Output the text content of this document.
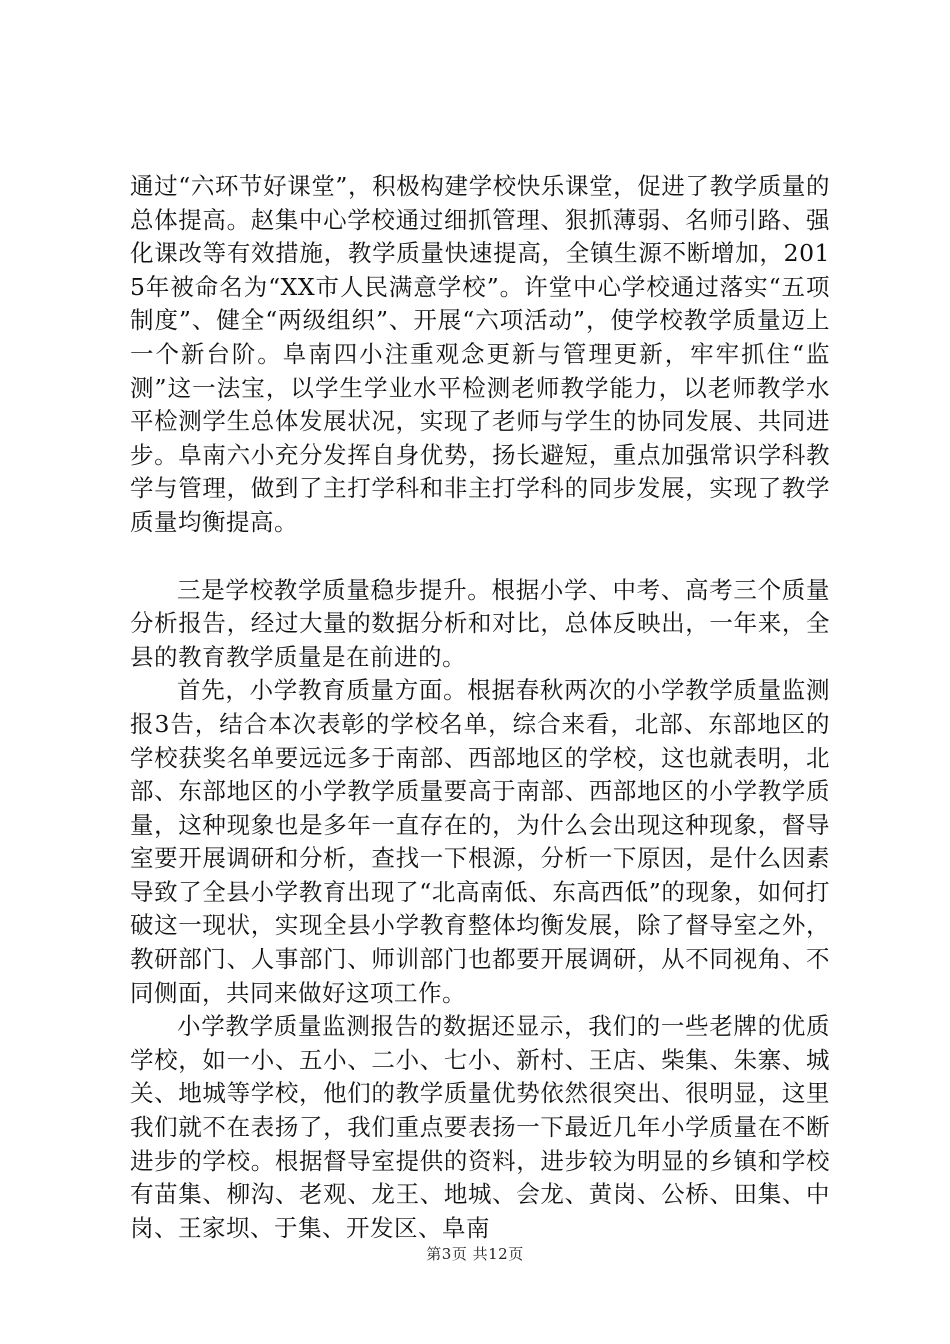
通过“六环节好课堂”，积极构建学校快乐课堂，促进了教学质量的总体提高。赵集中心学校通过细抓管理、狠抓薄弱、名师引路、强化课改等有效措施，教学质量快速提高，全镇生源不断增加，2015年被命名为“XX市人民满意学校”。许堂中心学校通过落实“五项制度”、健全“两级组织”、开展“六项活动”，使学校教学质量迈上一个新台阶。阜南四小注重观念更新与管理更新，牢牢抓住“监测”这一法宝，以学生学业水平检测老师教学能力，以老师教学水平检测学生总体发展状况，实现了老师与学生的协同发展、共同进步。阜南六小充分发挥自身优势，扬长避短，重点加强常识学科教学与管理，做到了主打学科和非主打学科的同步发展，实现了教学质量均衡提高。

三是学校教学质量稳步提升。根据小学、中考、高考三个质量分析报告，经过大量的数据分析和对比，总体反映出，一年来，全县的教育教学质量是在前进的。

首先，小学教育质量方面。根据春秋两次的小学教学质量监测报3告，结合本次表彰的学校名单，综合来看，北部、东部地区的学校获奖名单要远远多于南部、西部地区的学校，这也就表明，北部、东部地区的小学教学质量要高于南部、西部地区的小学教学质量，这种现象也是多年一直存在的，为什么会出现这种现象，督导室要开展调研和分析，查找一下根源，分析一下原因，是什么因素导致了全县小学教育出现了“北高南低、东高西低”的现象，如何打破这一现状，实现全县小学教育整体均衡发展，除了督导室之外，教研部门、人事部门、师训部门也都要开展调研，从不同视角、不同侧面，共同来做好这项工作。

小学教学质量监测报告的数据还显示，我们的一些老牌的优质学校，如一小、五小、二小、七小、新村、王店、柴集、朱寨、城关、地城等学校，他们的教学质量优势依然很突出、很明显，这里我们就不在表扬了，我们重点要表扬一下最近几年小学质量在不断进步的学校。根据督导室提供的资料，进步较为明显的乡镇和学校有苗集、柳沟、老观、龙王、地城、会龙、黄岗、公桥、田集、中岗、王家坝、于集、开发区、阜南

第3页 共12页
